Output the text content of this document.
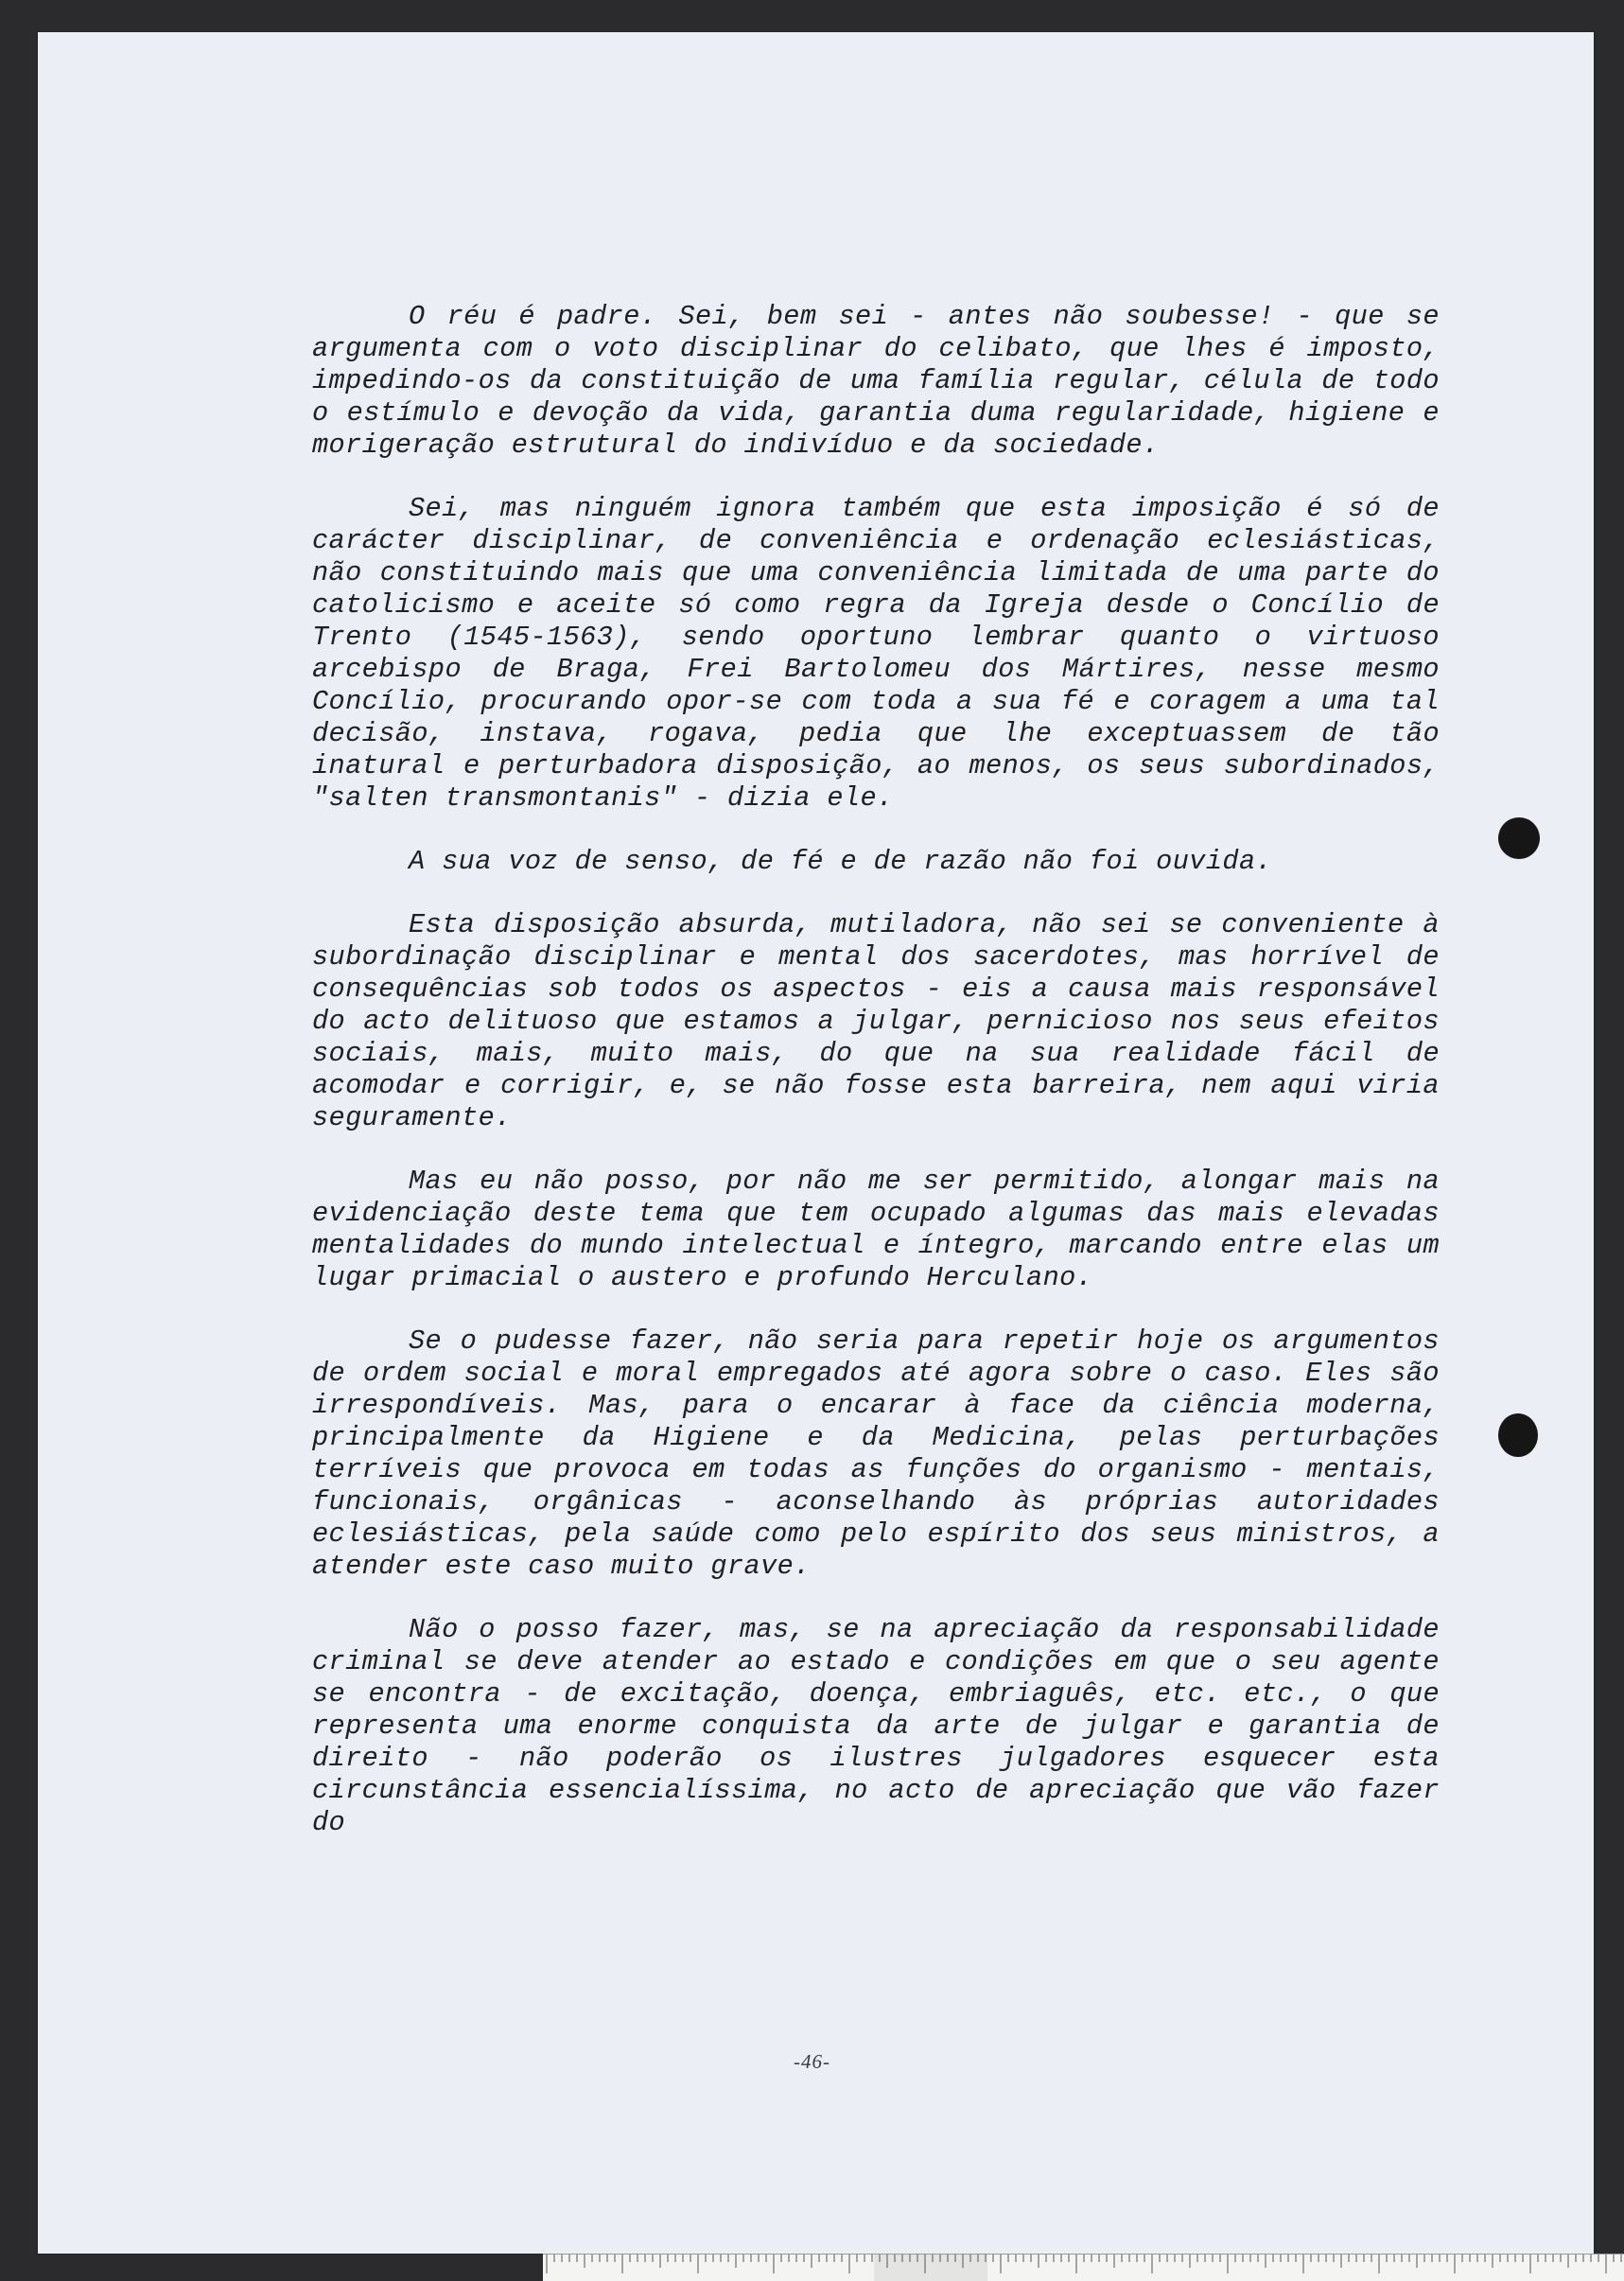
O réu é padre. Sei, bem sei - antes não soubesse! - que se argumenta com o voto disciplinar do celibato, que lhes é imposto, impedindo-os da constituição de uma família regular, célula de todo o estímulo e devoção da vida, garantia duma regularidade, higiene e morigeração estrutural do indivíduo e da sociedade.

Sei, mas ninguém ignora também que esta imposição é só de carácter disciplinar, de conveniência e ordenação eclesiásticas, não constituindo mais que uma conveniência limitada de uma parte do catolicismo e aceite só como regra da Igreja desde o Concílio de Trento (1545-1563), sendo oportuno lembrar quanto o virtuoso arcebispo de Braga, Frei Bartolomeu dos Mártires, nesse mesmo Concílio, procurando opor-se com toda a sua fé e coragem a uma tal decisão, instava, rogava, pedia que lhe exceptuassem de tão inatural e perturbadora disposição, ao menos, os seus subordinados, "salten transmontanis" - dizia ele.

A sua voz de senso, de fé e de razão não foi ouvida.

Esta disposição absurda, mutiladora, não sei se conveniente à subordinação disciplinar e mental dos sacerdotes, mas horrível de consequências sob todos os aspectos - eis a causa mais responsável do acto delituoso que estamos a julgar, pernicioso nos seus efeitos sociais, mais, muito mais, do que na sua realidade fácil de acomodar e corrigir, e, se não fosse esta barreira, nem aqui viria seguramente.

Mas eu não posso, por não me ser permitido, alongar mais na evidenciação deste tema que tem ocupado algumas das mais elevadas mentalidades do mundo intelectual e íntegro, marcando entre elas um lugar primacial o austero e profundo Herculano.

Se o pudesse fazer, não seria para repetir hoje os argumentos de ordem social e moral empregados até agora sobre o caso. Eles são irrespondíveis. Mas, para o encarar à face da ciência moderna, principalmente da Higiene e da Medicina, pelas perturbações terríveis que provoca em todas as funções do organismo - mentais, funcionais, orgânicas - aconselhando às próprias autoridades eclesiásticas, pela saúde como pelo espírito dos seus ministros, a atender este caso muito grave.

Não o posso fazer, mas, se na apreciação da responsabilidade criminal se deve atender ao estado e condições em que o seu agente se encontra - de excitação, doença, embriaguês, etc. etc., o que representa uma enorme conquista da arte de julgar e garantia de direito - não poderão os ilustres julgadores esquecer esta circunstância essencialíssima, no acto de apreciação que vão fazer do

-46-
